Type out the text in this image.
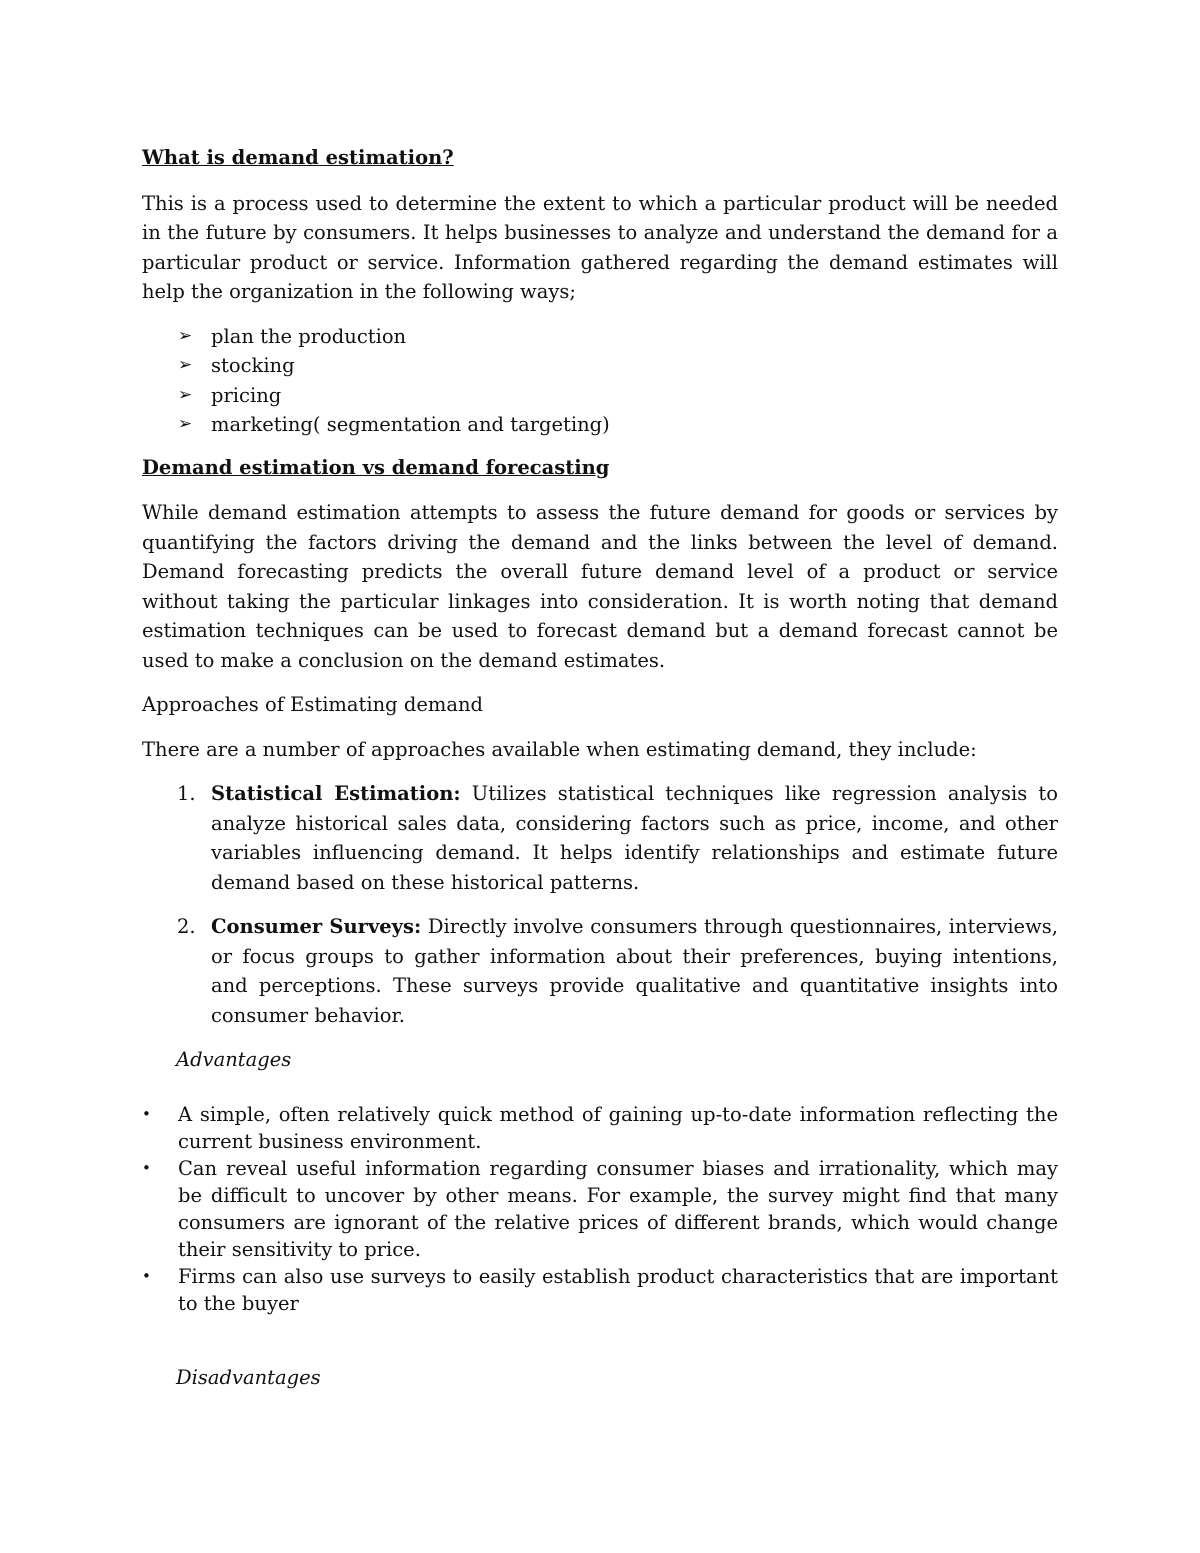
What is demand estimation?

This is a process used to determine the extent to which a particular product will be needed in the future by consumers. It helps businesses to analyze and understand the demand for a particular product or service. Information gathered regarding the demand estimates will help the organization in the following ways;

➢ plan the production
➢ stocking
➢ pricing
➢ marketing( segmentation and targeting)
Demand estimation vs demand forecasting

While demand estimation attempts to assess the future demand for goods or services by quantifying the factors driving the demand and the links between the level of demand. Demand forecasting predicts the overall future demand level of a product or service without taking the particular linkages into consideration. It is worth noting that demand estimation techniques can be used to forecast demand but a demand forecast cannot be used to make a conclusion on the demand estimates.

Approaches of Estimating demand

There are a number of approaches available when estimating demand, they include:

1. Statistical Estimation: Utilizes statistical techniques like regression analysis to analyze historical sales data, considering factors such as price, income, and other variables influencing demand. It helps identify relationships and estimate future demand based on these historical patterns.
2. Consumer Surveys: Directly involve consumers through questionnaires, interviews, or focus groups to gather information about their preferences, buying intentions, and perceptions. These surveys provide qualitative and quantitative insights into consumer behavior.
Advantages
• A simple, often relatively quick method of gaining up-to-date information reflecting the current business environment.
• Can reveal useful information regarding consumer biases and irrationality, which may be difficult to uncover by other means. For example, the survey might find that many consumers are ignorant of the relative prices of different brands, which would change their sensitivity to price.
• Firms can also use surveys to easily establish product characteristics that are important to the buyer
Disadvantages
